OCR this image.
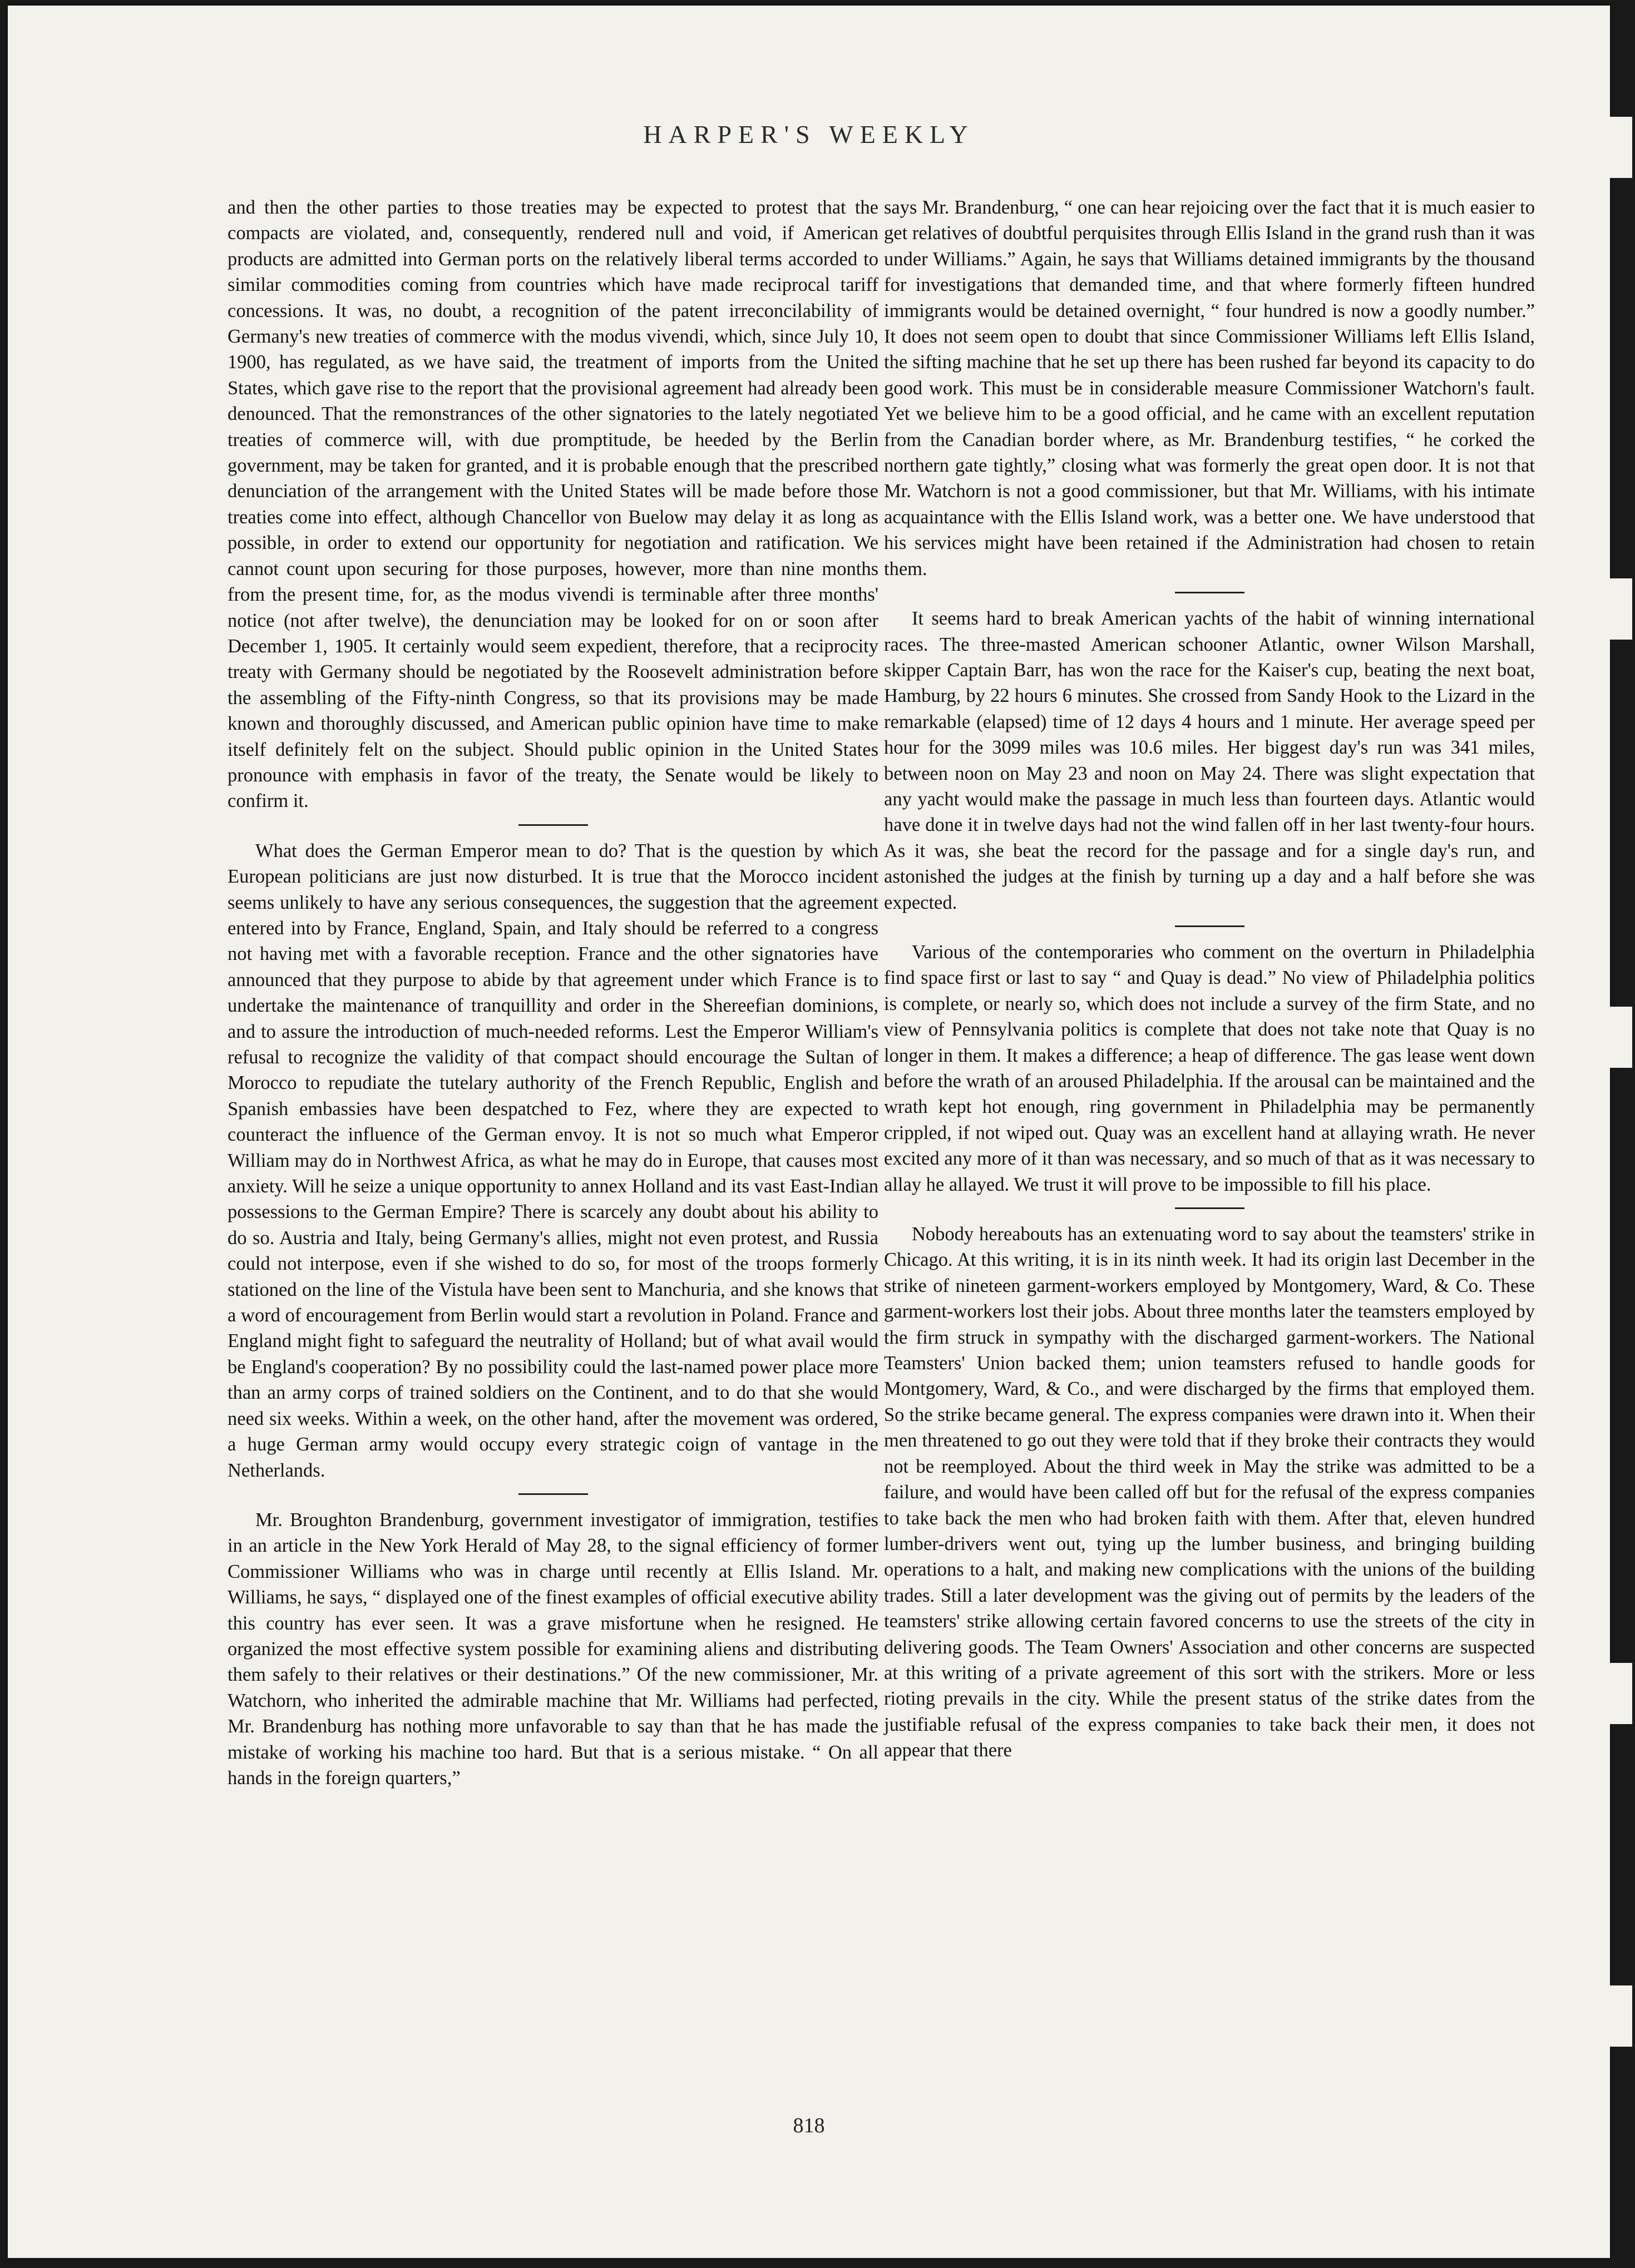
HARPER'S WEEKLY

and then the other parties to those treaties may be expected to protest that the compacts are violated, and, consequently, rendered null and void, if American products are admitted into German ports on the relatively liberal terms accorded to similar commodities coming from countries which have made reciprocal tariff concessions. It was, no doubt, a recognition of the patent irreconcilability of Germany's new treaties of commerce with the modus vivendi, which, since July 10, 1900, has regulated, as we have said, the treatment of imports from the United States, which gave rise to the report that the provisional agreement had already been denounced. That the remonstrances of the other signatories to the lately negotiated treaties of commerce will, with due promptitude, be heeded by the Berlin government, may be taken for granted, and it is probable enough that the prescribed denunciation of the arrangement with the United States will be made before those treaties come into effect, although Chancellor von Buelow may delay it as long as possible, in order to extend our opportunity for negotiation and ratification. We cannot count upon securing for those purposes, however, more than nine months from the present time, for, as the modus vivendi is terminable after three months' notice (not after twelve), the denunciation may be looked for on or soon after December 1, 1905. It certainly would seem expedient, therefore, that a reciprocity treaty with Germany should be negotiated by the Roosevelt administration before the assembling of the Fifty-ninth Congress, so that its provisions may be made known and thoroughly discussed, and American public opinion have time to make itself definitely felt on the subject. Should public opinion in the United States pronounce with emphasis in favor of the treaty, the Senate would be likely to confirm it.

What does the German Emperor mean to do? That is the question by which European politicians are just now disturbed. It is true that the Morocco incident seems unlikely to have any serious consequences, the suggestion that the agreement entered into by France, England, Spain, and Italy should be referred to a congress not having met with a favorable reception. France and the other signatories have announced that they purpose to abide by that agreement under which France is to undertake the maintenance of tranquillity and order in the Shereefian dominions, and to assure the introduction of much-needed reforms. Lest the Emperor William's refusal to recognize the validity of that compact should encourage the Sultan of Morocco to repudiate the tutelary authority of the French Republic, English and Spanish embassies have been despatched to Fez, where they are expected to counteract the influence of the German envoy. It is not so much what Emperor William may do in Northwest Africa, as what he may do in Europe, that causes most anxiety. Will he seize a unique opportunity to annex Holland and its vast East-Indian possessions to the German Empire? There is scarcely any doubt about his ability to do so. Austria and Italy, being Germany's allies, might not even protest, and Russia could not interpose, even if she wished to do so, for most of the troops formerly stationed on the line of the Vistula have been sent to Manchuria, and she knows that a word of encouragement from Berlin would start a revolution in Poland. France and England might fight to safeguard the neutrality of Holland; but of what avail would be England's cooperation? By no possibility could the last-named power place more than an army corps of trained soldiers on the Continent, and to do that she would need six weeks. Within a week, on the other hand, after the movement was ordered, a huge German army would occupy every strategic coign of vantage in the Netherlands.

Mr. Broughton Brandenburg, government investigator of immigration, testifies in an article in the New York Herald of May 28, to the signal efficiency of former Commissioner Williams who was in charge until recently at Ellis Island. Mr. Williams, he says, “ displayed one of the finest examples of official executive ability this country has ever seen. It was a grave misfortune when he resigned. He organized the most effective system possible for examining aliens and distributing them safely to their relatives or their destinations.” Of the new commissioner, Mr. Watchorn, who inherited the admirable machine that Mr. Williams had perfected, Mr. Brandenburg has nothing more unfavorable to say than that he has made the mistake of working his machine too hard. But that is a serious mistake. “ On all hands in the foreign quarters,”

says Mr. Brandenburg, “ one can hear rejoicing over the fact that it is much easier to get relatives of doubtful perquisites through Ellis Island in the grand rush than it was under Williams.” Again, he says that Williams detained immigrants by the thousand for investigations that demanded time, and that where formerly fifteen hundred immigrants would be detained overnight, “ four hundred is now a goodly number.” It does not seem open to doubt that since Commissioner Williams left Ellis Island, the sifting machine that he set up there has been rushed far beyond its capacity to do good work. This must be in considerable measure Commissioner Watchorn's fault. Yet we believe him to be a good official, and he came with an excellent reputation from the Canadian border where, as Mr. Brandenburg testifies, “ he corked the northern gate tightly,” closing what was formerly the great open door. It is not that Mr. Watchorn is not a good commissioner, but that Mr. Williams, with his intimate acquaintance with the Ellis Island work, was a better one. We have understood that his services might have been retained if the Administration had chosen to retain them.

It seems hard to break American yachts of the habit of winning international races. The three-masted American schooner Atlantic, owner Wilson Marshall, skipper Captain Barr, has won the race for the Kaiser's cup, beating the next boat, Hamburg, by 22 hours 6 minutes. She crossed from Sandy Hook to the Lizard in the remarkable (elapsed) time of 12 days 4 hours and 1 minute. Her average speed per hour for the 3099 miles was 10.6 miles. Her biggest day's run was 341 miles, between noon on May 23 and noon on May 24. There was slight expectation that any yacht would make the passage in much less than fourteen days. Atlantic would have done it in twelve days had not the wind fallen off in her last twenty-four hours. As it was, she beat the record for the passage and for a single day's run, and astonished the judges at the finish by turning up a day and a half before she was expected.

Various of the contemporaries who comment on the overturn in Philadelphia find space first or last to say “ and Quay is dead.” No view of Philadelphia politics is complete, or nearly so, which does not include a survey of the firm State, and no view of Pennsylvania politics is complete that does not take note that Quay is no longer in them. It makes a difference; a heap of difference. The gas lease went down before the wrath of an aroused Philadelphia. If the arousal can be maintained and the wrath kept hot enough, ring government in Philadelphia may be permanently crippled, if not wiped out. Quay was an excellent hand at allaying wrath. He never excited any more of it than was necessary, and so much of that as it was necessary to allay he allayed. We trust it will prove to be impossible to fill his place.

Nobody hereabouts has an extenuating word to say about the teamsters' strike in Chicago. At this writing, it is in its ninth week. It had its origin last December in the strike of nineteen garment-workers employed by Montgomery, Ward, & Co. These garment-workers lost their jobs. About three months later the teamsters employed by the firm struck in sympathy with the discharged garment-workers. The National Teamsters' Union backed them; union teamsters refused to handle goods for Montgomery, Ward, & Co., and were discharged by the firms that employed them. So the strike became general. The express companies were drawn into it. When their men threatened to go out they were told that if they broke their contracts they would not be reemployed. About the third week in May the strike was admitted to be a failure, and would have been called off but for the refusal of the express companies to take back the men who had broken faith with them. After that, eleven hundred lumber-drivers went out, tying up the lumber business, and bringing building operations to a halt, and making new complications with the unions of the building trades. Still a later development was the giving out of permits by the leaders of the teamsters' strike allowing certain favored concerns to use the streets of the city in delivering goods. The Team Owners' Association and other concerns are suspected at this writing of a private agreement of this sort with the strikers. More or less rioting prevails in the city. While the present status of the strike dates from the justifiable refusal of the express companies to take back their men, it does not appear that there

818
